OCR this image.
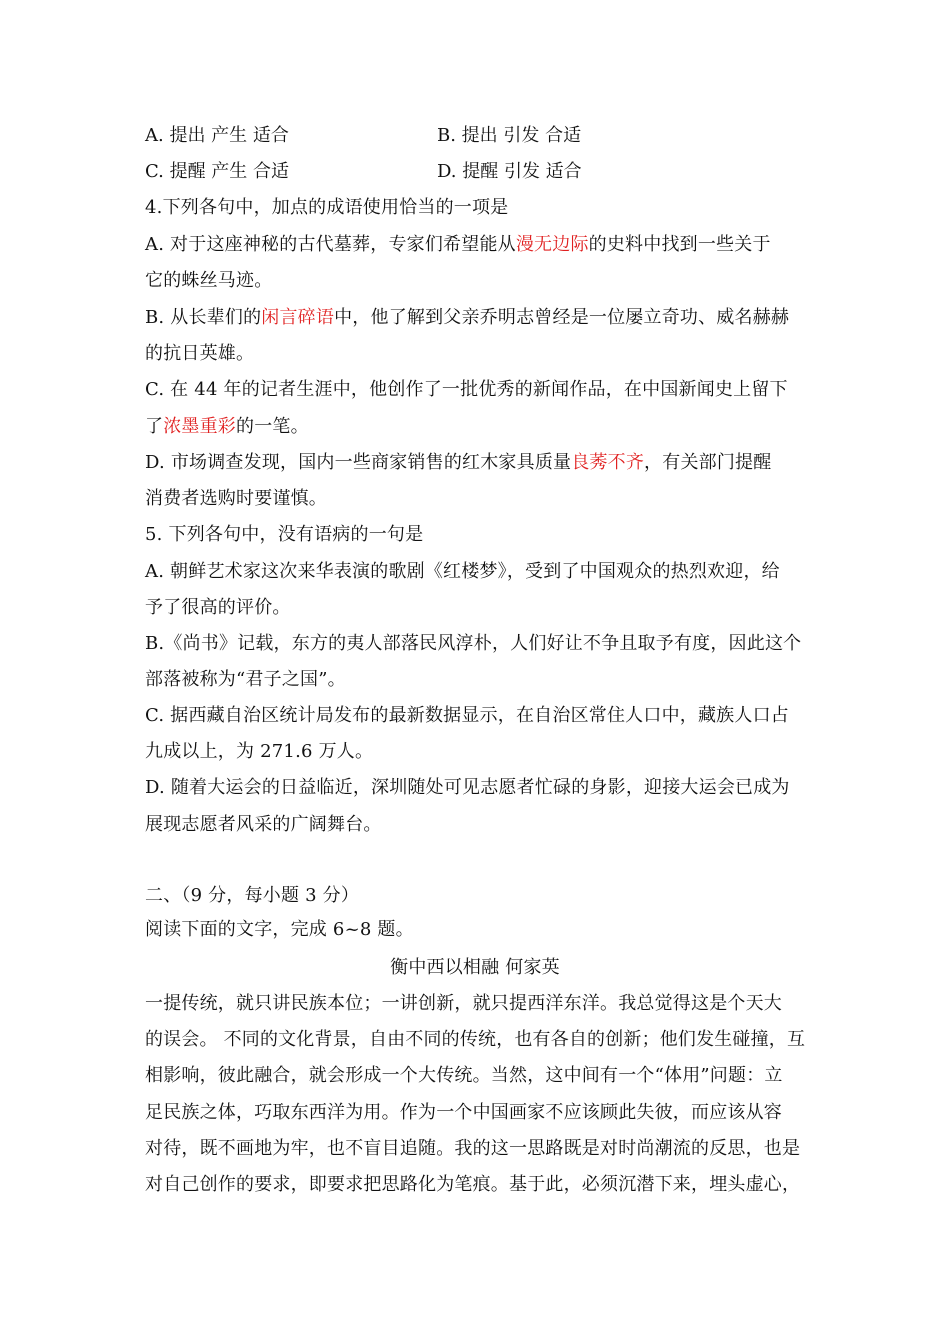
A. 提出 产生 适合	B. 提出 引发 合适
C. 提醒 产生 合适	D. 提醒 引发 适合
4.下列各句中，加点的成语使用恰当的一项是
A. 对于这座神秘的古代墓葬，专家们希望能从漫无边际的史料中找到一些关于
它的蛛丝马迹。
B. 从长辈们的闲言碎语中，他了解到父亲乔明志曾经是一位屡立奇功、威名赫赫
的抗日英雄。
C. 在 44 年的记者生涯中，他创作了一批优秀的新闻作品，在中国新闻史上留下
了浓墨重彩的一笔。
D. 市场调查发现，国内一些商家销售的红木家具质量良莠不齐，有关部门提醒
消费者选购时要谨慎。
5. 下列各句中，没有语病的一句是
A. 朝鲜艺术家这次来华表演的歌剧《红楼梦》，受到了中国观众的热烈欢迎，给
予了很高的评价。
B.《尚书》记载，东方的夷人部落民风淳朴，人们好让不争且取予有度，因此这个
部落被称为“君子之国”。
C. 据西藏自治区统计局发布的最新数据显示，在自治区常住人口中，藏族人口占
九成以上，为 271.6 万人。
D. 随着大运会的日益临近，深圳随处可见志愿者忙碌的身影，迎接大运会已成为
展现志愿者风采的广阔舞台。
二、（9 分，每小题 3 分）
阅读下面的文字，完成 6~8 题。
衡中西以相融 何家英
一提传统，就只讲民族本位；一讲创新，就只提西洋东洋。我总觉得这是个天大
的误会。 不同的文化背景，自由不同的传统，也有各自的创新；他们发生碰撞，互
相影响，彼此融合，就会形成一个大传统。当然，这中间有一个“体用”问题：立
足民族之体，巧取东西洋为用。作为一个中国画家不应该顾此失彼，而应该从容
对待，既不画地为牢，也不盲目追随。我的这一思路既是对时尚潮流的反思，也是
对自己创作的要求，即要求把思路化为笔痕。基于此，必须沉潜下来，埋头虚心，
